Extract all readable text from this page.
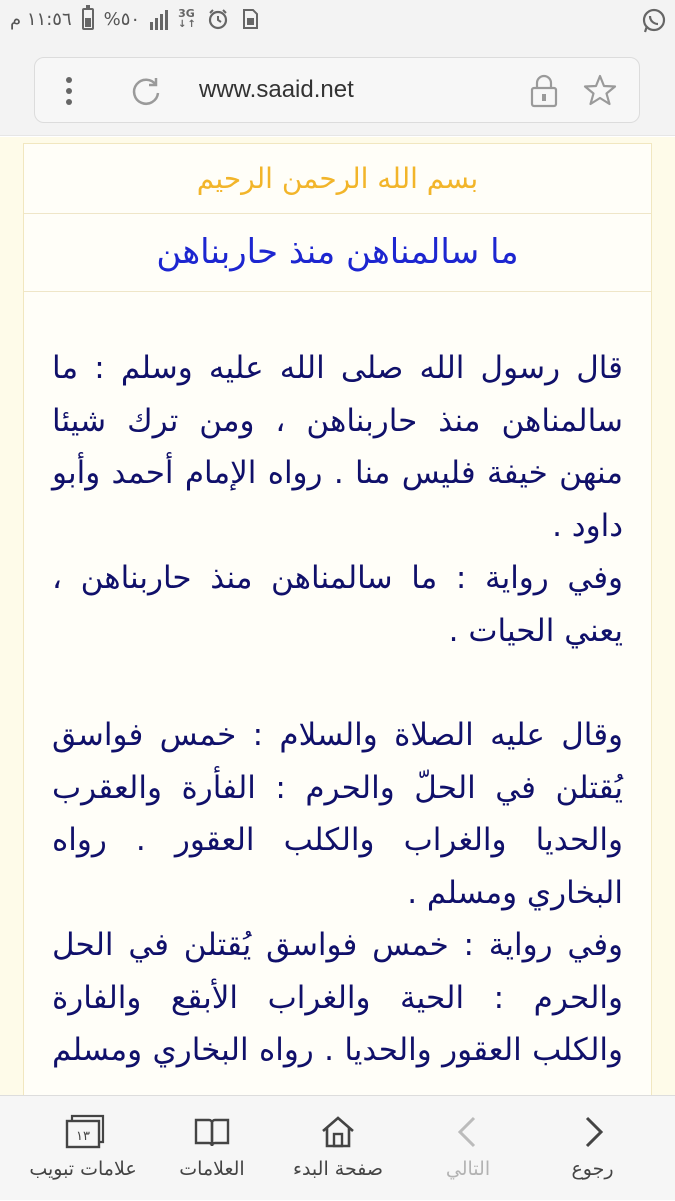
١١:٥٦ م %٥٠	3G
↓↑
www.saaid.net
بسم الله الرحمن الرحيم
ما سالمناهن منذ حاربناهن

قال رسول الله صلى الله عليه وسلم : ما سالمناهن منذ حاربناهن ، ومن ترك شيئا منهن خيفة فليس منا . رواه الإمام أحمد وأبو داود .

وفي رواية : ما سالمناهن منذ حاربناهن ، يعني الحيات .

وقال عليه الصلاة والسلام : خمس فواسق يُقتلن في الحلّ والحرم : الفأرة والعقرب والحديا والغراب والكلب العقور . رواه البخاري ومسلم .

وفي رواية : خمس فواسق يُقتلن في الحل والحرم : الحية والغراب الأبقع والفارة والكلب العقور والحديا . رواه البخاري ومسلم

رجوع
التالي
صفحة البدء
العلامات
١٣
علامات تبويب
